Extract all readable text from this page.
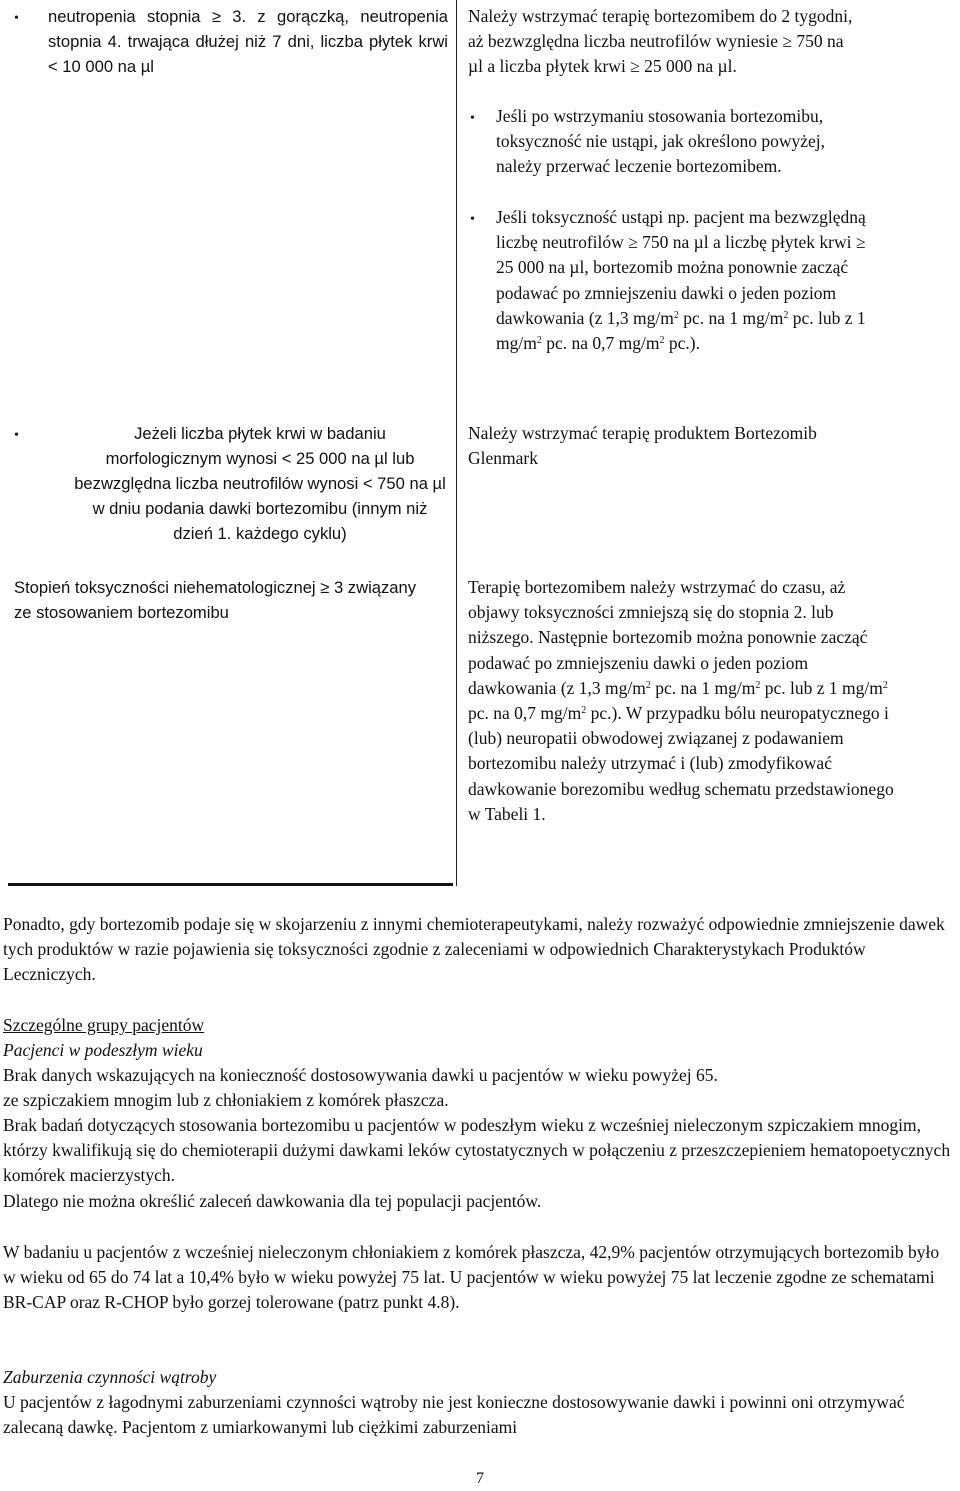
• neutropenia stopnia ≥ 3. z gorączką, neutropenia stopnia 4. trwająca dłużej niż 7 dni, liczba płytek krwi < 10 000 na µl

Należy wstrzymać terapię bortezomibem do 2 tygodni, aż bezwzględna liczba neutrofilów wyniesie ≥ 750 na µl a liczba płytek krwi ≥ 25 000 na µl.

• Jeśli po wstrzymaniu stosowania bortezomibu, toksyczność nie ustąpi, jak określono powyżej, należy przerwać leczenie bortezomibem.

• Jeśli toksyczność ustąpi np. pacjent ma bezwzględną liczbę neutrofilów ≥ 750 na µl a liczbę płytek krwi ≥ 25 000 na µl, bortezomib można ponownie zacząć podawać po zmniejszeniu dawki o jeden poziom dawkowania (z 1,3 $mg/m^2$ pc. na 1 $mg/m^2$ pc. lub z 1 $mg/m^2$ pc. na 0,7 $mg/m^2$ pc.).

•	Jeżeli liczba płytek krwi w badaniu morfologicznym wynosi < 25 000 na µl lub bezwzględna liczba neutrofilów wynosi < 750 na µl w dniu podania dawki bortezomibu (innym niż dzień 1. każdego cyklu)

Należy wstrzymać terapię produktem Bortezomib Glenmark

Stopień toksyczności niehematologicznej ≥ 3 związany ze stosowaniem bortezomibu

Terapię bortezomibem należy wstrzymać do czasu, aż objawy toksyczności zmniejszą się do stopnia 2. lub niższego. Następnie bortezomib można ponownie zacząć podawać po zmniejszeniu dawki o jeden poziom dawkowania (z 1,3 $mg/m^2$ pc. na 1 $mg/m^2$ pc. lub z 1 $mg/m^2$ pc. na 0,7 $mg/m^2$ pc.). W przypadku bólu neuropatycznego i (lub) neuropatii obwodowej związanej z podawaniem bortezomibu należy utrzymać i (lub) zmodyfikować dawkowanie borezomibu według schematu przedstawionego w Tabeli 1.

Ponadto, gdy bortezomib podaje się w skojarzeniu z innymi chemioterapeutykami, należy rozważyć odpowiednie zmniejszenie dawek tych produktów w razie pojawienia się toksyczności zgodnie z zaleceniami w odpowiednich Charakterystykach Produktów Leczniczych.

Szczególne grupy pacjentów

Pacjenci w podeszłym wieku

Brak danych wskazujących na konieczność dostosowywania dawki u pacjentów w wieku powyżej 65.

ze szpiczakiem mnogim lub z chłoniakiem z komórek płaszcza.

Brak badań dotyczących stosowania bortezomibu u pacjentów w podeszłym wieku z wcześniej nieleczonym szpiczakiem mnogim, którzy kwalifikują się do chemioterapii dużymi dawkami leków cytostatycznych w połączeniu z przeszczepieniem hematopoetycznych komórek macierzystych.

Dlatego nie można określić zaleceń dawkowania dla tej populacji pacjentów.

W badaniu u pacjentów z wcześniej nieleczonym chłoniakiem z komórek płaszcza, 42,9% pacjentów otrzymujących bortezomib było w wieku od 65 do 74 lat a 10,4% było w wieku powyżej 75 lat. U pacjentów w wieku powyżej 75 lat leczenie zgodne ze schematami BR-CAP oraz R-CHOP było gorzej tolerowane (patrz punkt 4.8).

Zaburzenia czynności wątroby

U pacjentów z łagodnymi zaburzeniami czynności wątroby nie jest konieczne dostosowywanie dawki i powinni oni otrzymywać zalecaną dawkę. Pacjentom z umiarkowanymi lub ciężkimi zaburzeniami

7
